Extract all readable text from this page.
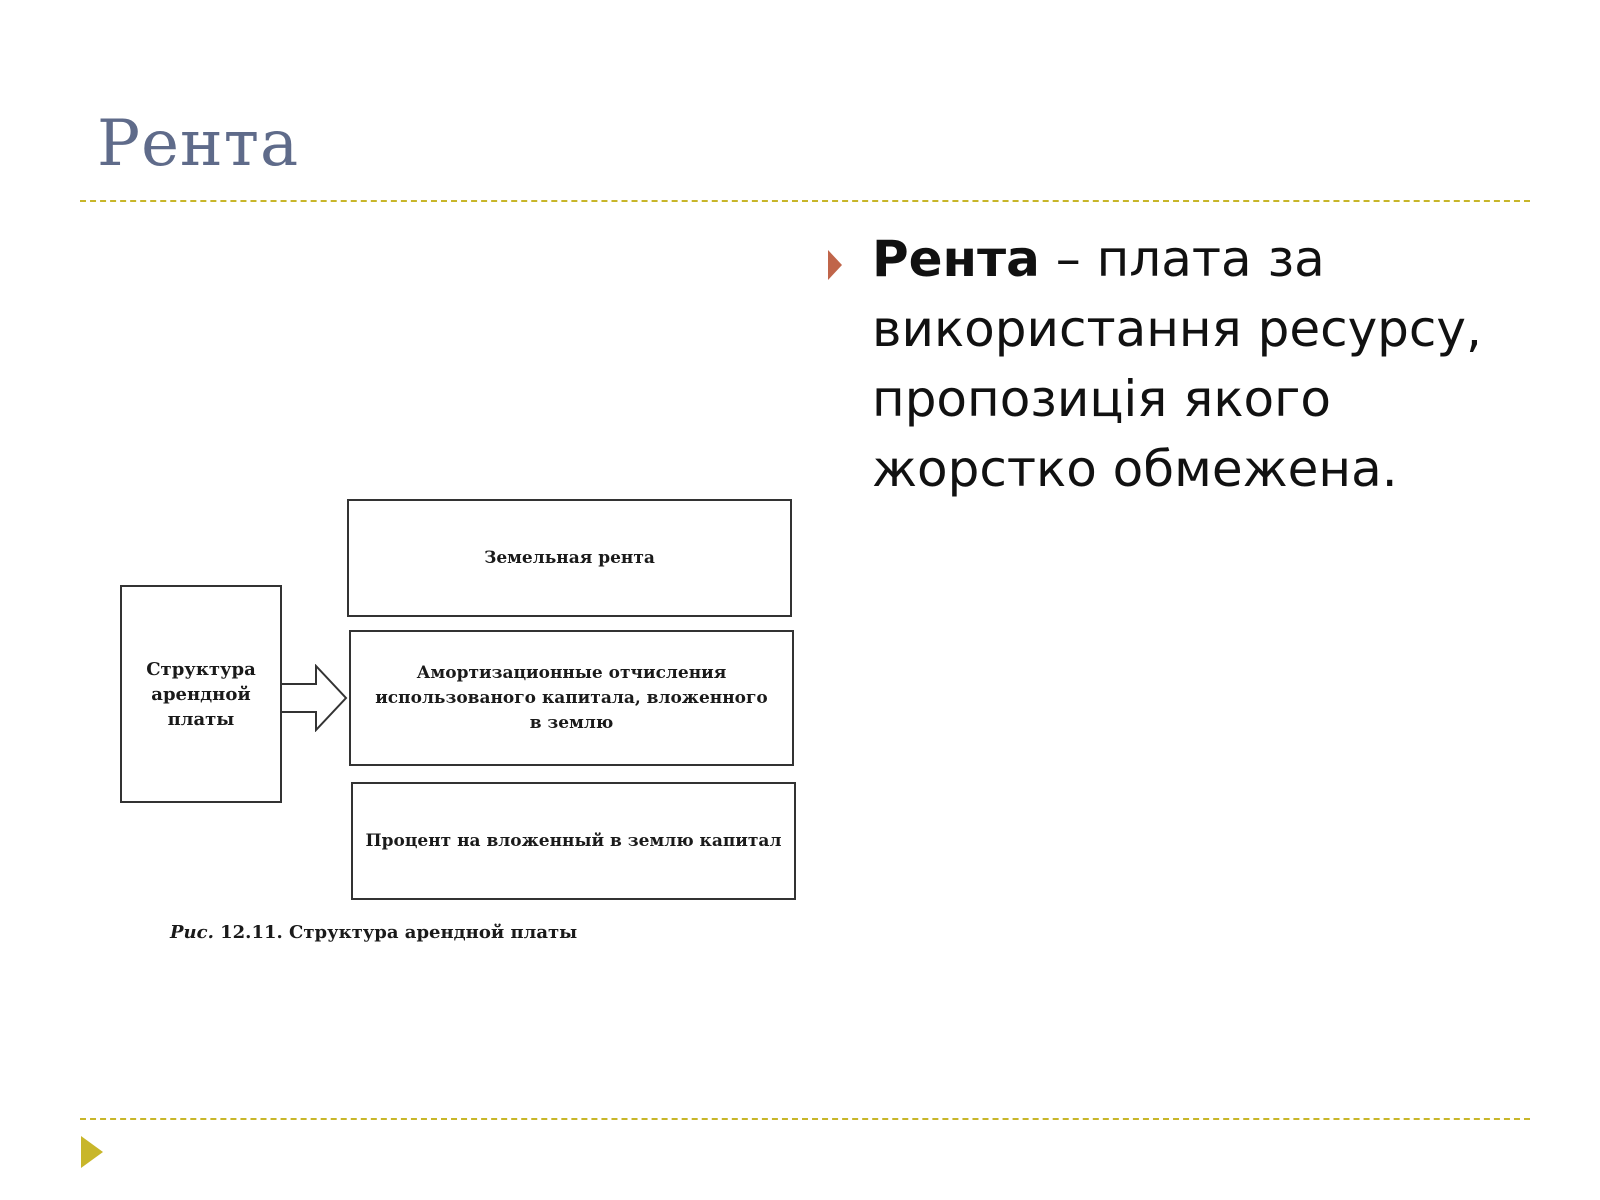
Рента
Рента – плата за використання ресурсу, пропозиція якого жорстко обмежена.
Структура арендной платы
Земельная рента
Амортизационные отчисления использованого капитала, вложенного в землю
Процент на вложенный в землю капитал
Рис. 12.11. Структура арендной платы
